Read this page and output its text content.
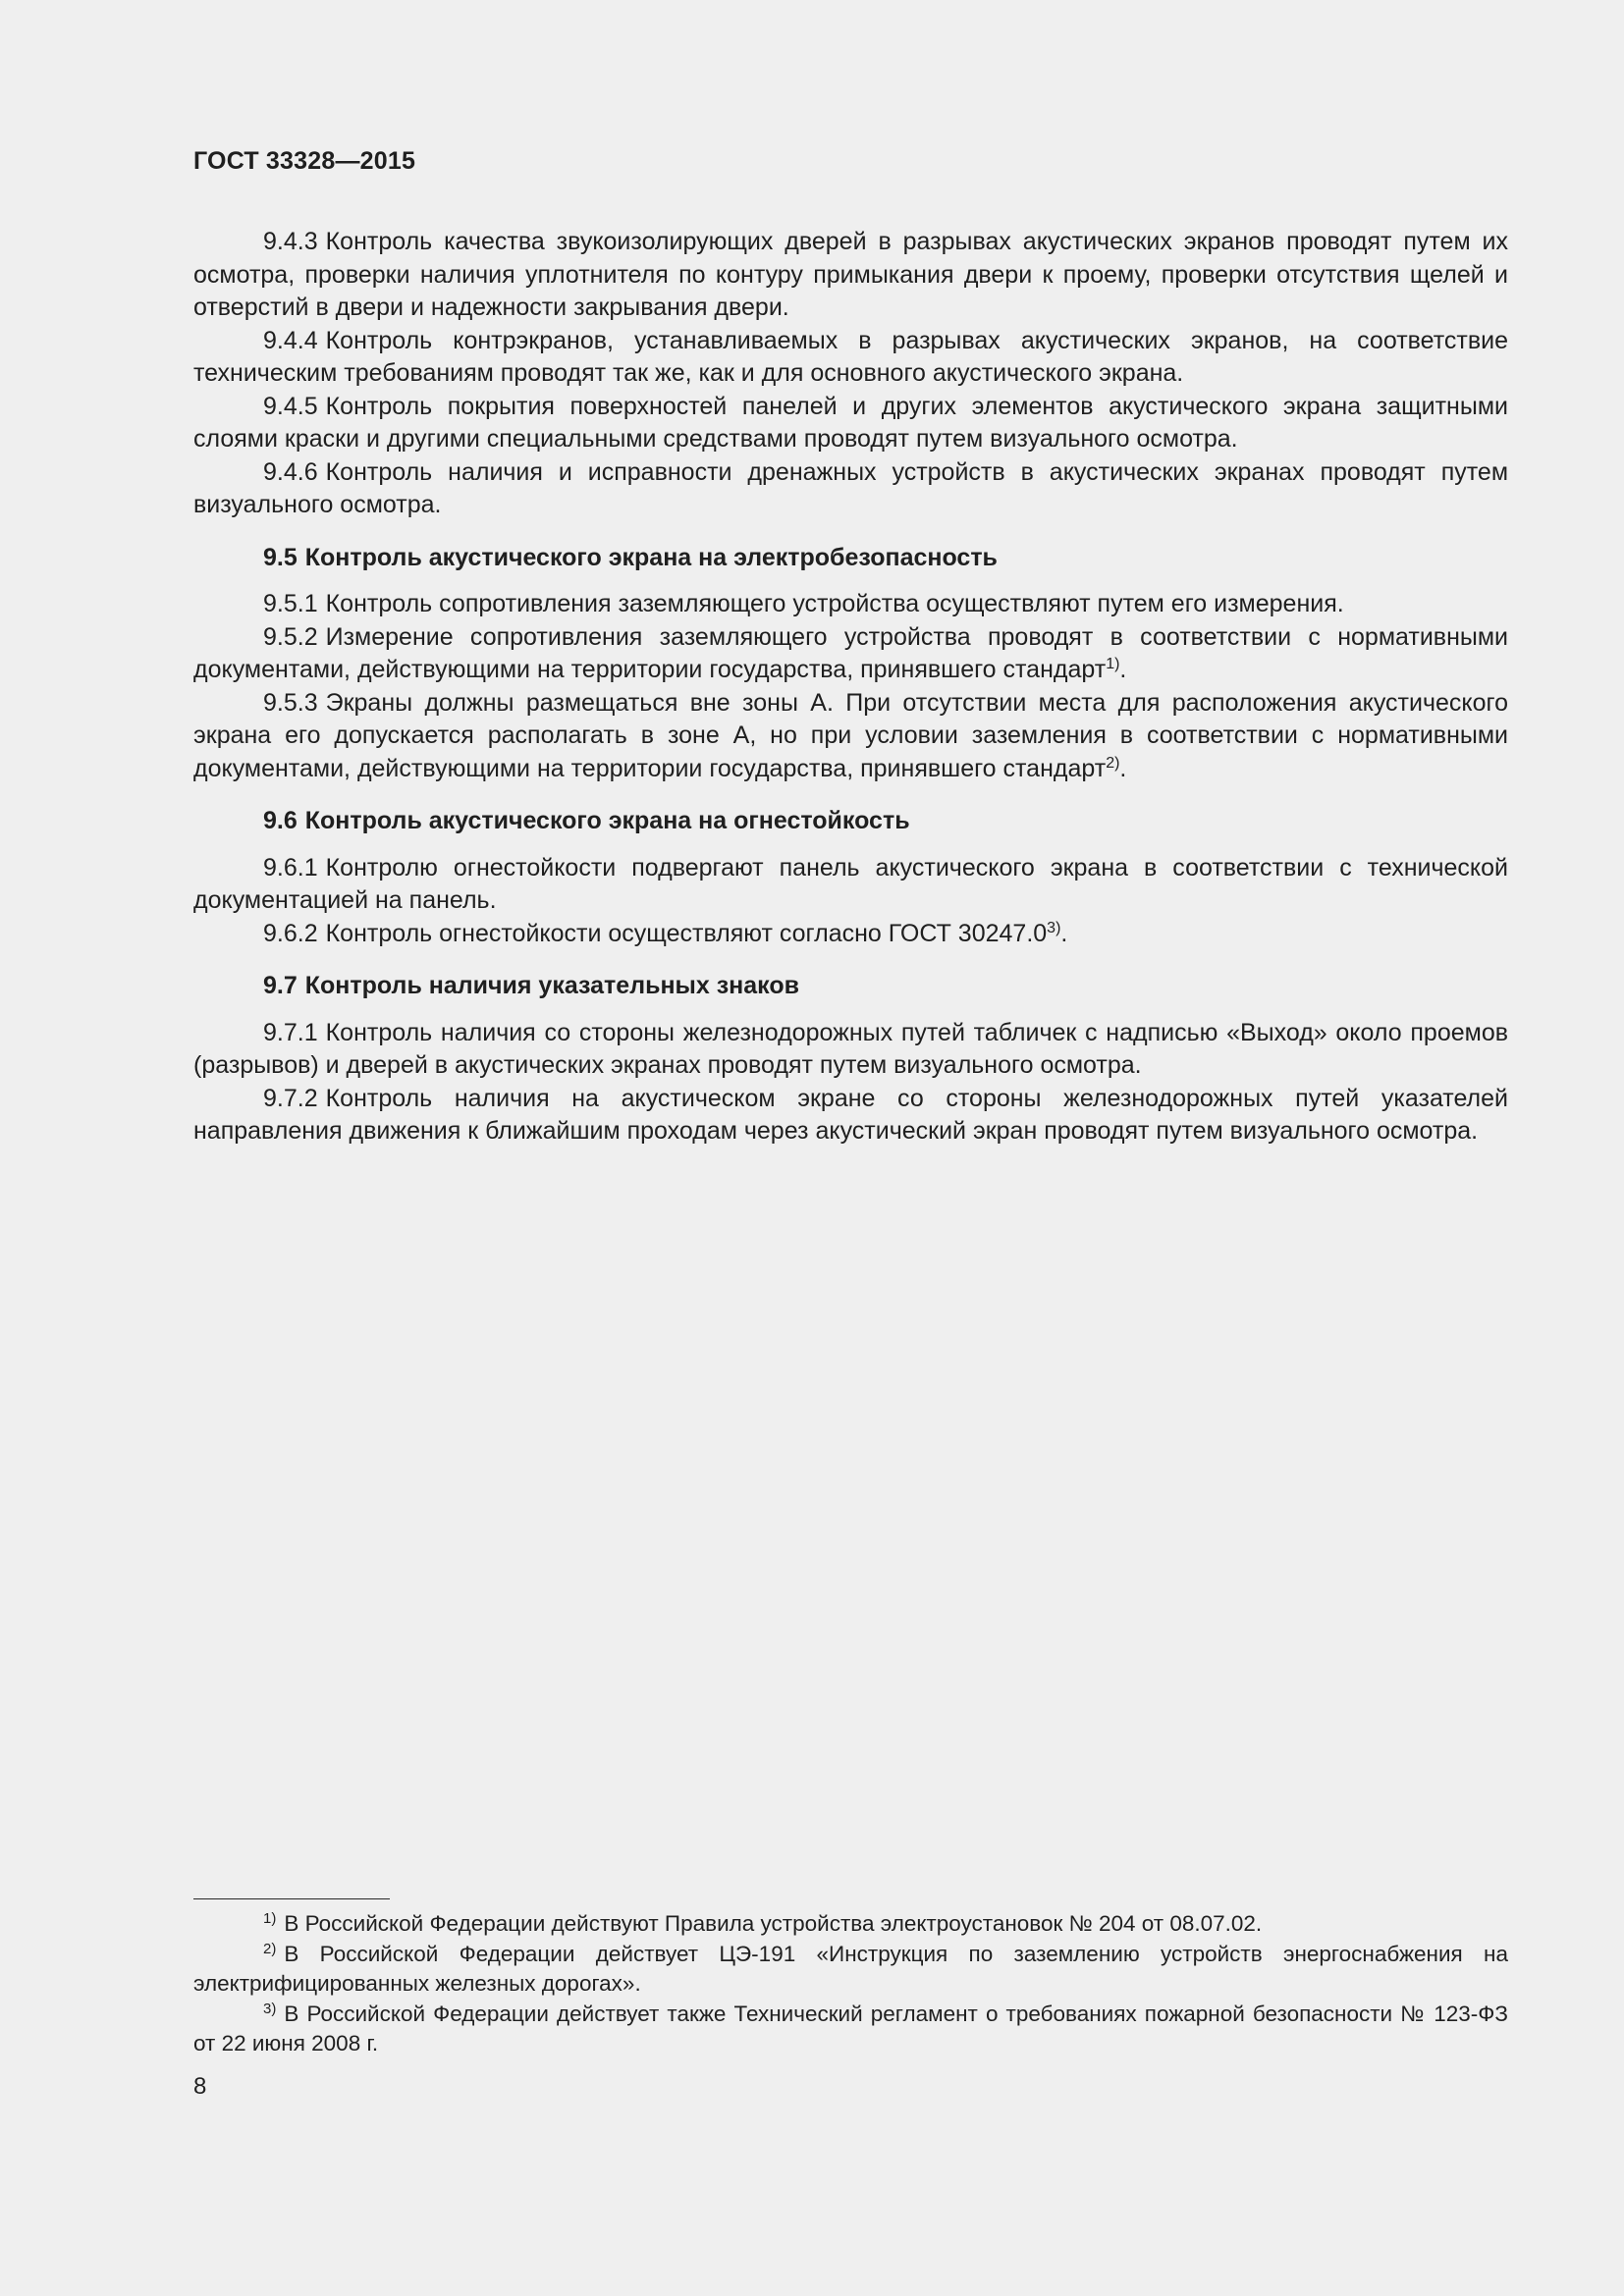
ГОСТ 33328—2015

9.4.3 Контроль качества звукоизолирующих дверей в разрывах акустических экранов проводят путем их осмотра, проверки наличия уплотнителя по контуру примыкания двери к проему, проверки отсутствия щелей и отверстий в двери и надежности закрывания двери.

9.4.4 Контроль контрэкранов, устанавливаемых в разрывах акустических экранов, на соответствие техническим требованиям проводят так же, как и для основного акустического экрана.

9.4.5 Контроль покрытия поверхностей панелей и других элементов акустического экрана защитными слоями краски и другими специальными средствами проводят путем визуального осмотра.

9.4.6 Контроль наличия и исправности дренажных устройств в акустических экранах проводят путем визуального осмотра.

9.5 Контроль акустического экрана на электробезопасность

9.5.1 Контроль сопротивления заземляющего устройства осуществляют путем его измерения.

9.5.2 Измерение сопротивления заземляющего устройства проводят в соответствии с нормативными документами, действующими на территории государства, принявшего стандарт$^{1)}$.

9.5.3 Экраны должны размещаться вне зоны А. При отсутствии места для расположения акустического экрана его допускается располагать в зоне А, но при условии заземления в соответствии с нормативными документами, действующими на территории государства, принявшего стандарт$^{2)}$.

9.6 Контроль акустического экрана на огнестойкость

9.6.1 Контролю огнестойкости подвергают панель акустического экрана в соответствии с технической документацией на панель.

9.6.2 Контроль огнестойкости осуществляют согласно ГОСТ 30247.0$^{3)}$.

9.7 Контроль наличия указательных знаков

9.7.1 Контроль наличия со стороны железнодорожных путей табличек с надписью «Выход» около проемов (разрывов) и дверей в акустических экранах проводят путем визуального осмотра.

9.7.2 Контроль наличия на акустическом экране со стороны железнодорожных путей указателей направления движения к ближайшим проходам через акустический экран проводят путем визуального осмотра.

$^{1)}$ В Российской Федерации действуют Правила устройства электроустановок № 204 от 08.07.02.

$^{2)}$ В Российской Федерации действует ЦЭ-191 «Инструкция по заземлению устройств энергоснабжения на электрифицированных железных дорогах».

$^{3)}$ В Российской Федерации действует также Технический регламент о требованиях пожарной безопасности № 123-ФЗ от 22 июня 2008 г.

8
